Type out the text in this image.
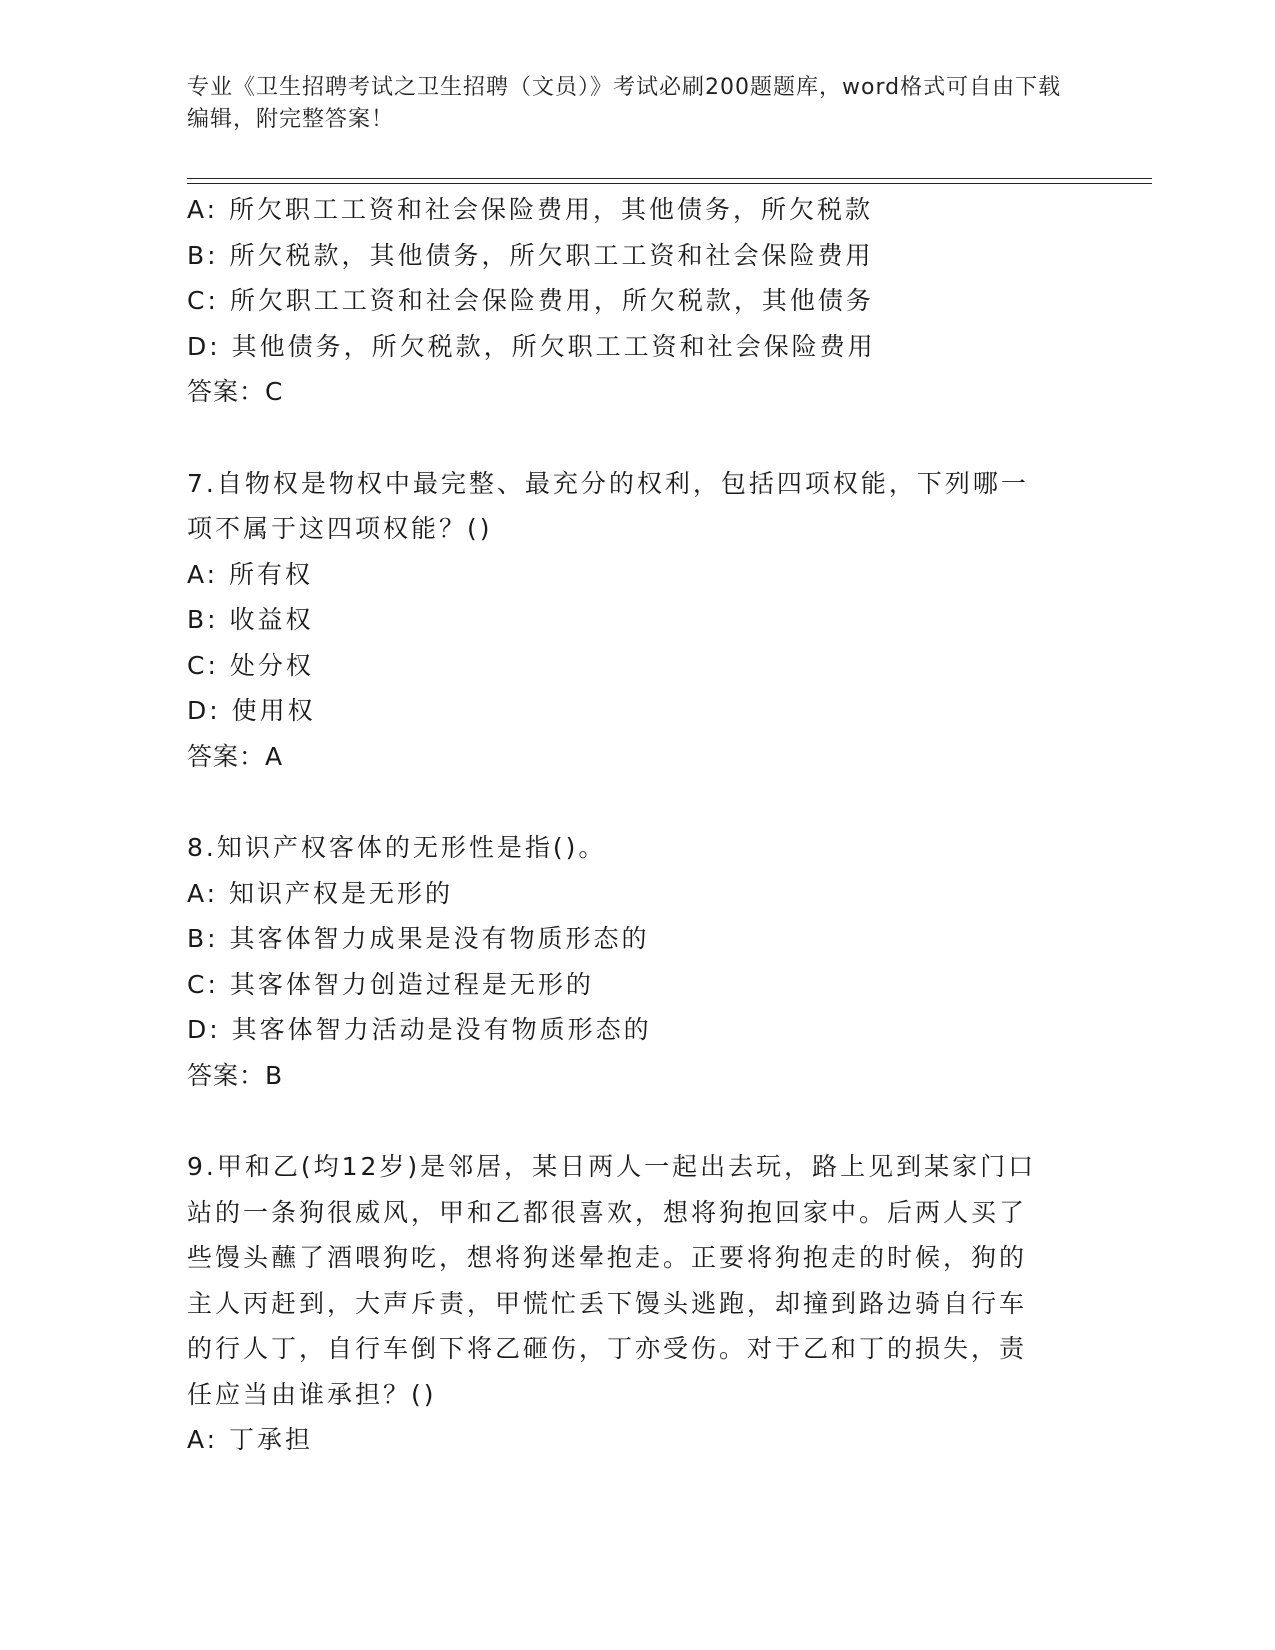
专业《卫生招聘考试之卫生招聘（文员）》考试必刷200题题库，word格式可自由下载编辑，附完整答案！
A: 所欠职工工资和社会保险费用，其他债务，所欠税款
B: 所欠税款，其他债务，所欠职工工资和社会保险费用
C: 所欠职工工资和社会保险费用，所欠税款，其他债务
D: 其他债务，所欠税款，所欠职工工资和社会保险费用
答案：C
7.自物权是物权中最完整、最充分的权利，包括四项权能，下列哪一
项不属于这四项权能？()
A: 所有权
B: 收益权
C: 处分权
D: 使用权
答案：A
8.知识产权客体的无形性是指()。
A: 知识产权是无形的
B: 其客体智力成果是没有物质形态的
C: 其客体智力创造过程是无形的
D: 其客体智力活动是没有物质形态的
答案：B
9.甲和乙(均12岁)是邻居，某日两人一起出去玩，路上见到某家门口
站的一条狗很威风，甲和乙都很喜欢，想将狗抱回家中。后两人买了
些馒头蘸了酒喂狗吃，想将狗迷晕抱走。正要将狗抱走的时候，狗的
主人丙赶到，大声斥责，甲慌忙丢下馒头逃跑，却撞到路边骑自行车
的行人丁，自行车倒下将乙砸伤，丁亦受伤。对于乙和丁的损失，责
任应当由谁承担？()
A: 丁承担
